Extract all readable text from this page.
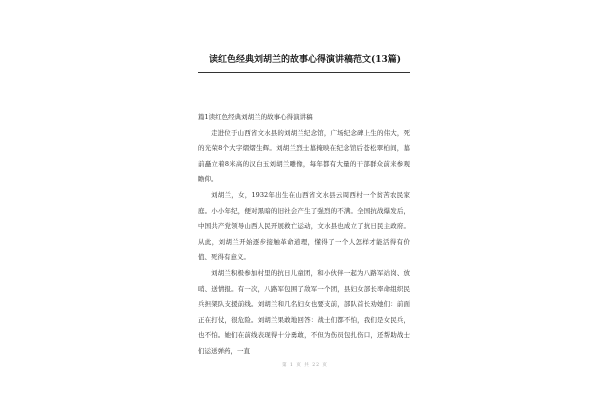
读红色经典刘胡兰的故事心得演讲稿范文(13篇)

篇1读红色经典刘胡兰的故事心得演讲稿

走进位于山西省文水县的刘胡兰纪念馆，广场纪念碑上生的伟大，死的光荣8个大字熠熠生辉。刘胡兰烈士墓掩映在纪念馆后苍松翠柏间，墓前矗立着8米高的汉白玉刘胡兰雕像，每年都有大量的干部群众前来参观瞻仰。

刘胡兰，女，1932年出生在山西省文水县云周西村一个贫苦农民家庭。小小年纪，便对黑暗的旧社会产生了强烈的不满。全国抗战爆发后，中国共产党领导山西人民开展救亡运动，文水县也成立了抗日民主政府。从此，刘胡兰开始逐步接触革命道理，懂得了一个人怎样才能活得有价值、死得有意义。

刘胡兰积极参加村里的抗日儿童团，和小伙伴一起为八路军站岗、放哨、送情报。有一次，八路军包围了敌军一个团，县妇女部长率命组织民兵担架队支援前线。刘胡兰和几名妇女也要支前，部队首长劝她们：前面正在打仗，很危险。刘胡兰果敢地回答：战士们都不怕，我们是女民兵，也不怕。她们在前线表现得十分勇敢，不但为伤员包扎伤口，还帮助战士们运送弹药，一直

第 1 页 共 22 页
